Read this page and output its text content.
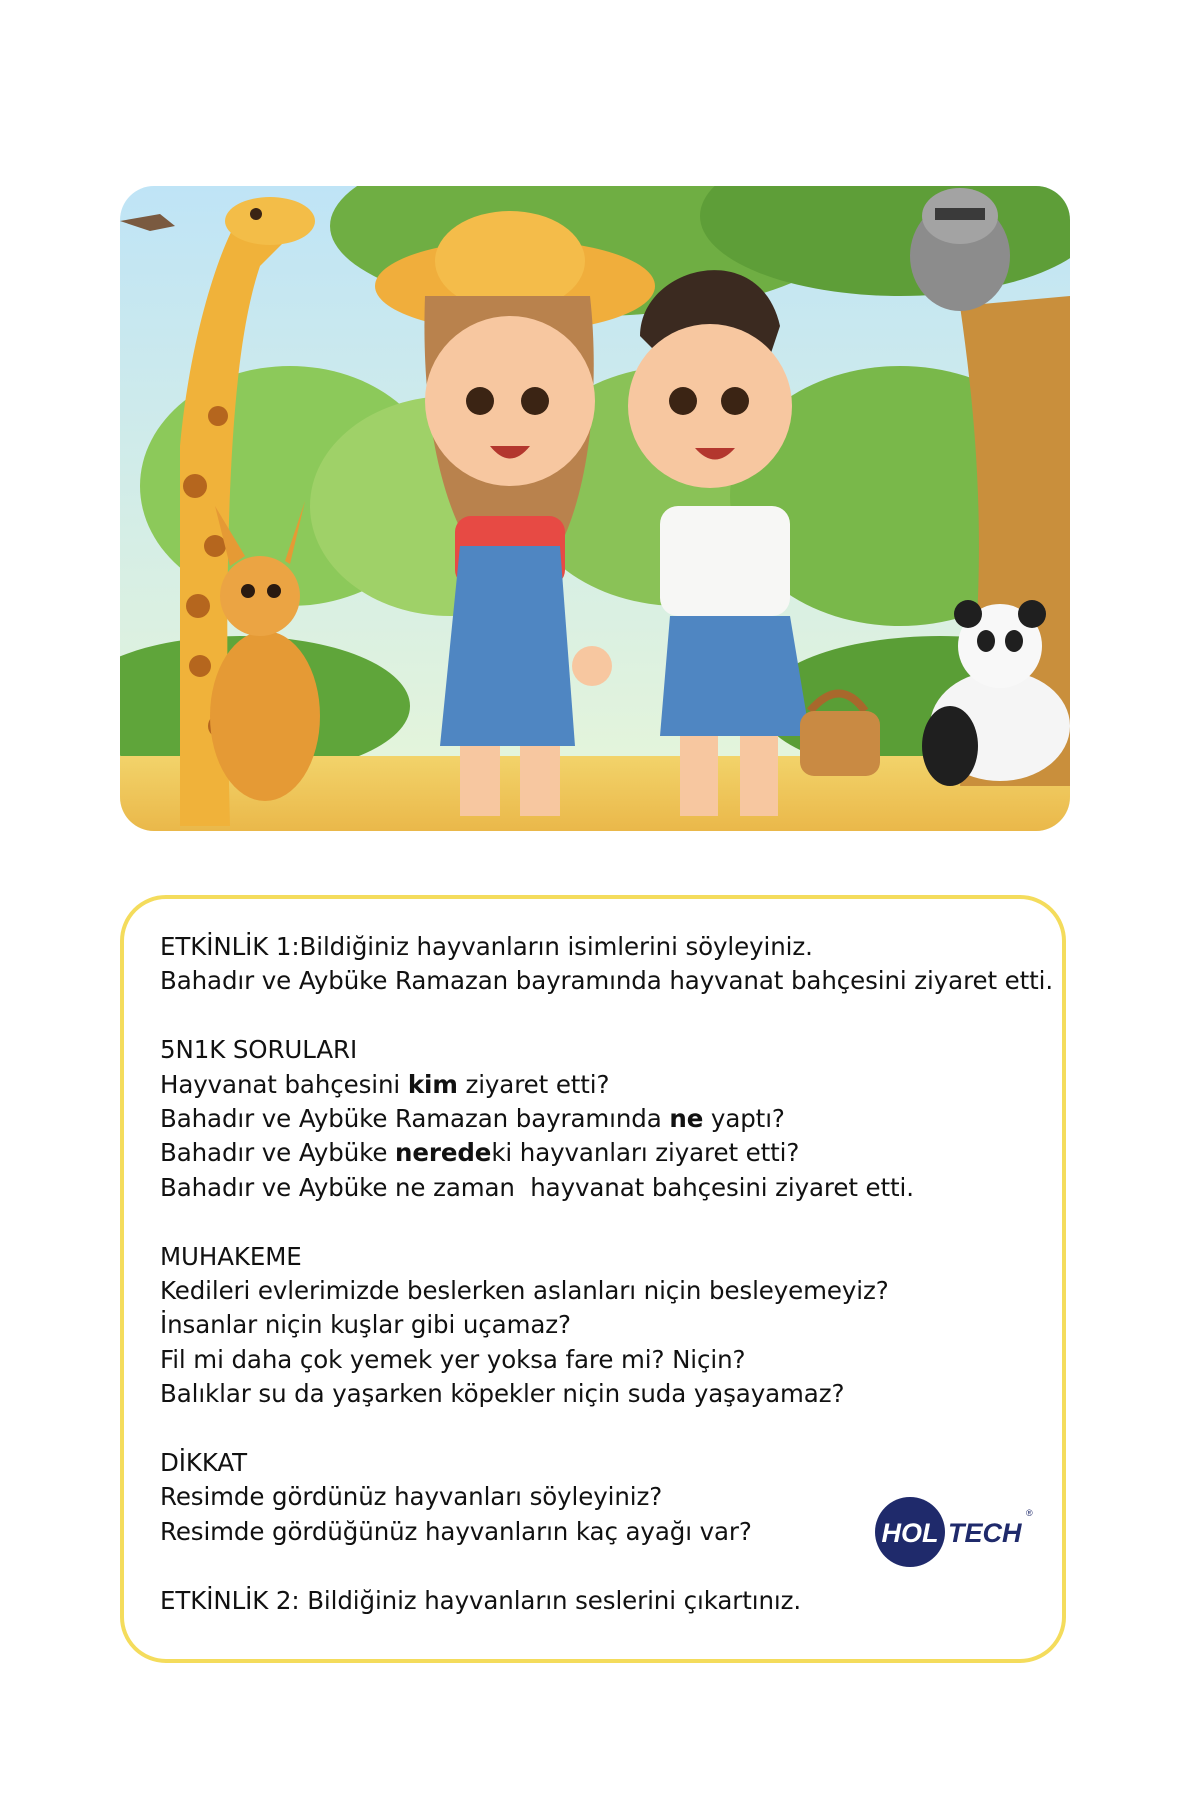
ETKİNLİK 1:Bildiğiniz hayvanların isimlerini söyleyiniz.
Bahadır ve Aybüke Ramazan bayramında hayvanat bahçesini ziyaret etti.
5N1K SORULARI
Hayvanat bahçesini kim ziyaret etti?
Bahadır ve Aybüke Ramazan bayramında ne yaptı?
Bahadır ve Aybüke neredeki hayvanları ziyaret etti?
Bahadır ve Aybüke ne zaman  hayvanat bahçesini ziyaret etti.
MUHAKEME
Kedileri evlerimizde beslerken aslanları niçin besleyemeyiz?
İnsanlar niçin kuşlar gibi uçamaz?
Fil mi daha çok yemek yer yoksa fare mi? Niçin?
Balıklar su da yaşarken köpekler niçin suda yaşayamaz?
DİKKAT
Resimde gördünüz hayvanları söyleyiniz?
Resimde gördüğünüz hayvanların kaç ayağı var?
ETKİNLİK 2: Bildiğiniz hayvanların seslerini çıkartınız.
HOL TECH
®
